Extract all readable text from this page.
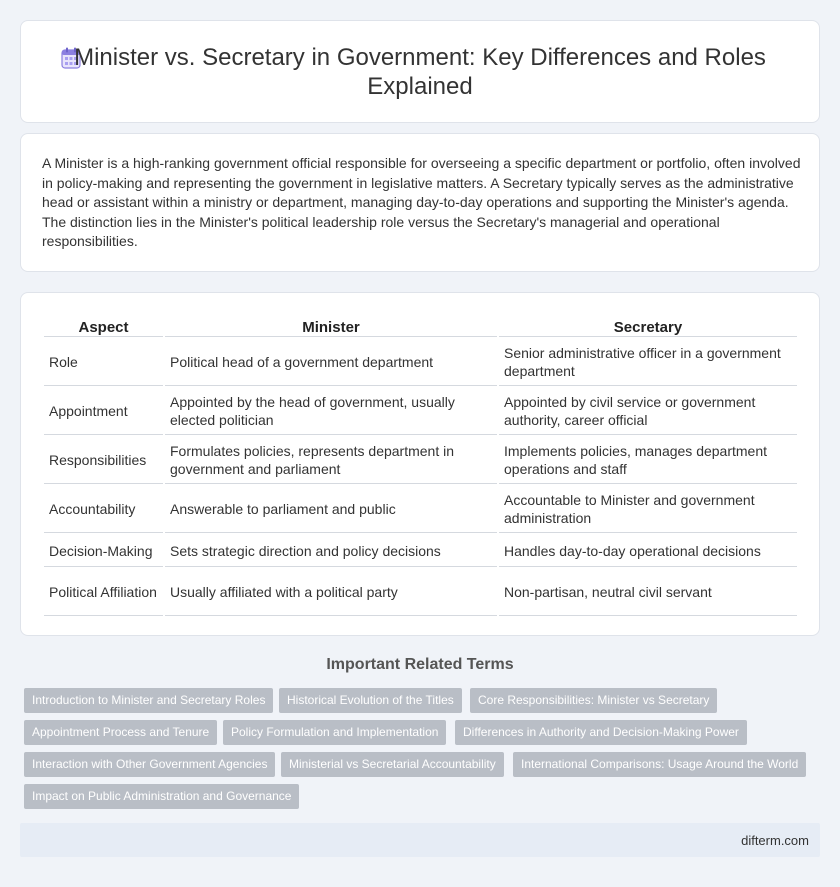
Minister vs. Secretary in Government: Key Differences and Roles Explained

A Minister is a high-ranking government official responsible for overseeing a specific department or portfolio, often involved in policy-making and representing the government in legislative matters. A Secretary typically serves as the administrative head or assistant within a ministry or department, managing day-to-day operations and supporting the Minister's agenda. The distinction lies in the Minister's political leadership role versus the Secretary's managerial and operational responsibilities.

Aspect	Minister	Secretary
Role	Political head of a government department	Senior administrative officer in a government department
Appointment	Appointed by the head of government, usually elected politician	Appointed by civil service or government authority, career official
Responsibilities	Formulates policies, represents department in government and parliament	Implements policies, manages department operations and staff
Accountability	Answerable to parliament and public	Accountable to Minister and government administration
Decision-Making	Sets strategic direction and policy decisions	Handles day-to-day operational decisions
Political Affiliation	Usually affiliated with a political party	Non-partisan, neutral civil servant
Important Related Terms
Introduction to Minister and Secretary Roles	Historical Evolution of the Titles	Core Responsibilities: Minister vs Secretary
Appointment Process and Tenure	Policy Formulation and Implementation	Differences in Authority and Decision-Making Power
Interaction with Other Government Agencies	Ministerial vs Secretarial Accountability	International Comparisons: Usage Around the World
Impact on Public Administration and Governance
difterm.com
